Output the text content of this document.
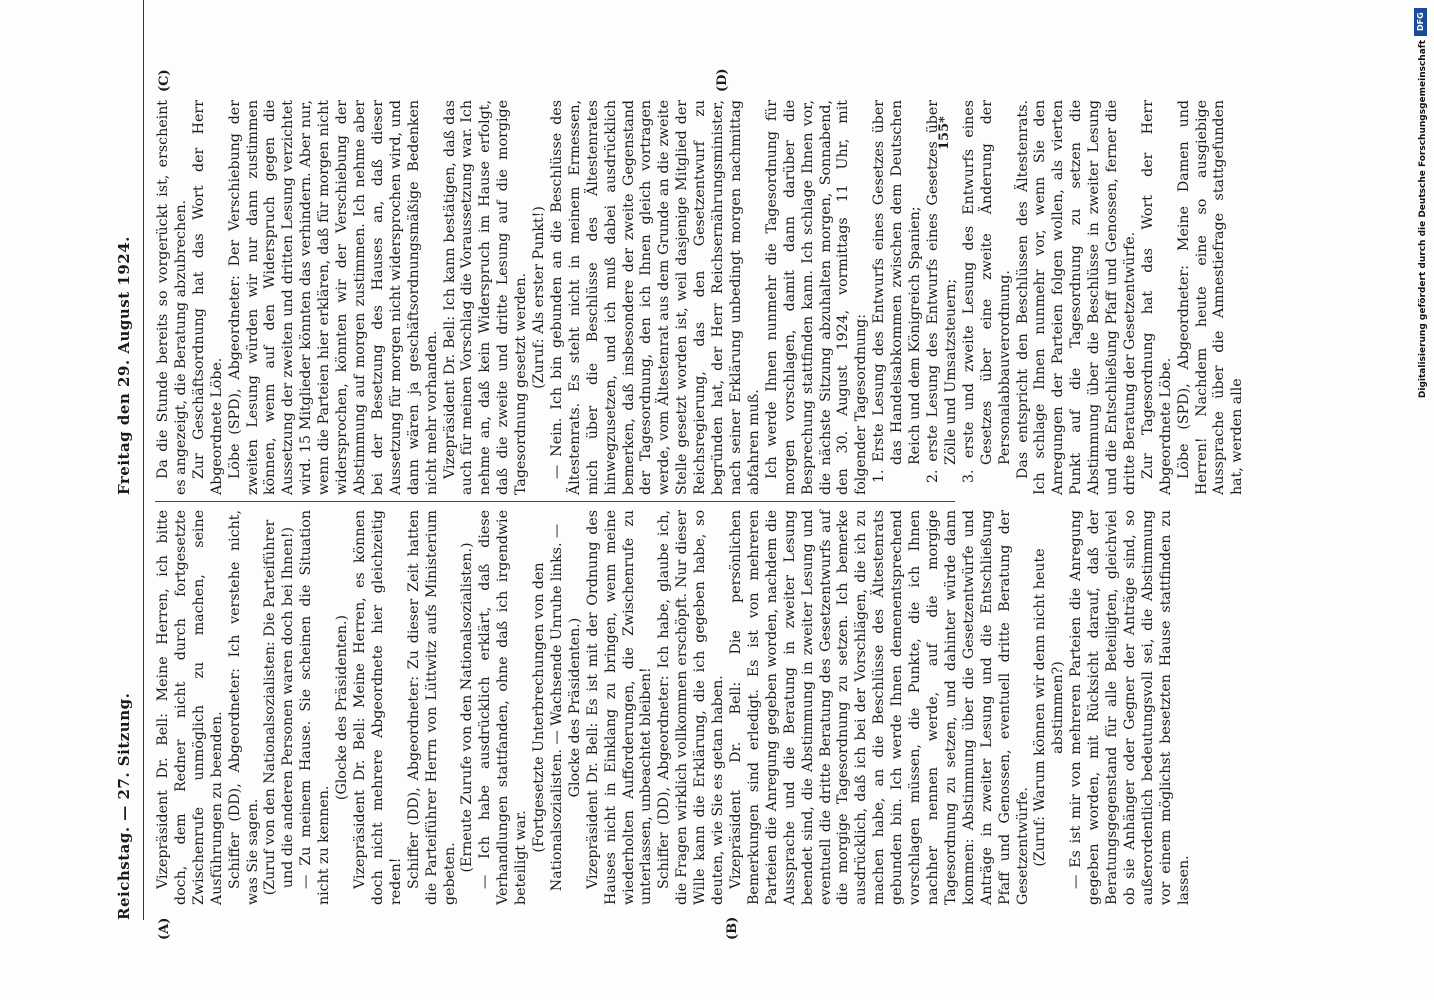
Reichstag. — 27. Sitzung.
Freitag den 29. August 1924.

Vizepräsident Dr. Bell: Meine Herren, ich bitte doch, dem Redner nicht durch fortgesetzte Zwischenrufe unmöglich zu machen, seine Ausführungen zu beenden. Schiffer (DD), Abgeordneter: Ich verstehe nicht, was Sie sagen. (Zuruf von den Nationalsozialisten: Die Parteiführer und die anderen Personen waren doch bei Ihnen!) — Zu meinem Hause. Sie scheinen die Situation nicht zu kennen.

(Glocke des Präsidenten.) Vizepräsident Dr. Bell: Meine Herren, es können doch nicht mehrere Abgeordnete hier gleichzeitig reden! Schiffer (DD), Abgeordneter: Zu dieser Zeit hatten die Parteiführer Herrn von Lüttwitz aufs Ministerium gebeten.

(Erneute Zurufe von den Nationalsozialisten.) — Ich habe ausdrücklich erklärt, daß diese Verhandlungen stattfanden, ohne daß ich irgendwie beteiligt war.

(Fortgesetzte Unterbrechungen von den Nationalsozialisten. — Wachsende Unruhe links. — Glocke des Präsidenten.) Vizepräsident Dr. Bell: Es ist mit der Ordnung des Hauses nicht in Einklang zu bringen, wenn meine wiederholten Aufforderungen, die Zwischenrufe zu unterlassen, unbeachtet bleiben! Schiffer (DD), Abgeordneter: Ich habe, glaube ich, die Fragen wirklich vollkommen erschöpft. Nur dieser Wille kann die Erklärung, die ich gegeben habe, so deuten, wie Sie es getan haben. Vizepräsident Dr. Bell: Die persönlichen Bemerkungen sind erledigt. Es ist von mehreren Parteien die Anregung gegeben worden, nachdem die Aussprache und die Beratung in zweiter Lesung beendet sind, die Abstimmung in zweiter Lesung und eventuell die dritte Beratung des Gesetzentwurfs auf die morgige Tagesordnung zu setzen. Ich bemerke ausdrücklich, daß ich bei der Vorschlägen, die ich zu machen habe, an die Beschlüsse des Ältestenrats gebunden bin. Ich werde Ihnen demenentsprechend vorschlagen müssen, die Punkte, die ich Ihnen nachher nennen werde, auf die morgige Tagesordnung zu setzen, und dahinter würde dann kommen: Abstimmung über die Gesetzentwürfe und Anträge in zweiter Lesung und die Entschließung Pfaff und Genossen, eventuell dritte Beratung der Gesetzentwürfe. (Zuruf: Warum können wir denn nicht heute abstimmen?) — Es ist mir von mehreren Parteien die Anregung gegeben worden, mit Rücksicht darauf, daß der Beratungsgegenstand für alle Beteiligten, gleichviel ob sie Anhänger oder Gegner der Anträge sind, so außerordentlich bedeutungsvoll sei, die Abstimmung vor einem möglichst besetzten Hause stattfinden zu lassen.

Da die Stunde bereits so vorgerückt ist, erscheint es angezeigt, die Beratung abzubrechen. Zur Geschäftsordnung hat das Wort der Herr Abgeordnete Löbe. Löbe (SPD), Abgeordneter: Der Verschiebung der zweiten Lesung würden wir nur dann zustimmen können, wenn auf den Widerspruch gegen die Aussetzung der zweiten und dritten Lesung verzichtet wird. 15 Mitglieder könnten das verhindern. Aber nur, wenn die Parteien hier erklären, daß für morgen nicht widersprochen, könnten wir der Verschiebung der Abstimmung auf morgen zustimmen. Ich nehme aber bei der Besetzung des Hauses an, daß dieser Aussetzung für morgen nicht widersprochen wird, und dann wären ja geschäftsordnungsmäßige Bedenken nicht mehr vorhanden. Vizepräsident Dr. Bell: Ich kann bestätigen, daß das auch für meinen Vorschlag die Voraussetzung war. Ich nehme an, daß kein Widerspruch im Hause erfolgt, daß die zweite und dritte Lesung auf die morgige Tagesordnung gesetzt werden. (Zuruf: Als erster Punkt!) — Nein. Ich bin gebunden an die Beschlüsse des Ältestenrats. Es steht nicht in meinem Ermessen, mich über die Beschlüsse des Ältestenrates hinwegzusetzen, und ich muß dabei ausdrücklich bemerken, daß insbesondere der zweite Gegenstand der Tagesordnung, den ich Ihnen gleich vortragen werde, vom Ältestenrat aus dem Grunde an die zweite Stelle gesetzt worden ist, weil dasjenige Mitglied der Reichsregierung, das den Gesetzentwurf zu begründen hat, der Herr Reichsernährungsminister, nach seiner Erklärung unbedingt morgen nachmittag abfahren muß. Ich werde Ihnen nunmehr die Tagesordnung für morgen vorschlagen, damit dann darüber die Besprechung stattfinden kann. Ich schlage Ihnen vor, die nächste Sitzung abzuhalten morgen, Sonnabend, den 30. August 1924, vormittags 11 Uhr, mit folgender Tagesordnung: 1. Erste Lesung des Entwurfs eines Gesetzes über das Handelsabkommen zwischen dem Deutschen Reich und dem Königreich Spanien; 2. erste Lesung des Entwurfs eines Gesetzes über Zölle und Umsatzsteuern; 3. erste und zweite Lesung des Entwurfs eines Gesetzes über eine zweite Änderung der Personalabbauverordnung. Das entspricht den Beschlüssen des Ältestenrats. Ich schlage Ihnen nunmehr vor, wenn Sie den Anregungen der Parteien folgen wollen, als vierten Punkt auf die Tagesordnung zu setzen die Abstimmung über die Beschlüsse in zweiter Lesung und die Entschließung Pfaff und Genossen, ferner die dritte Beratung der Gesetzentwürfe. Zur Tagesordnung hat das Wort der Herr Abgeordnete Löbe. Löbe (SPD), Abgeordneter: Meine Damen und Herren! Nachdem heute eine so ausgiebige Aussprache über die Amnestiefrage stattgefunden hat, werden alle

(A)	(B)
(C)	(D)
155*
DFG
Digitalisierung gefördert durch die Deutsche Forschungsgemeinschaft
